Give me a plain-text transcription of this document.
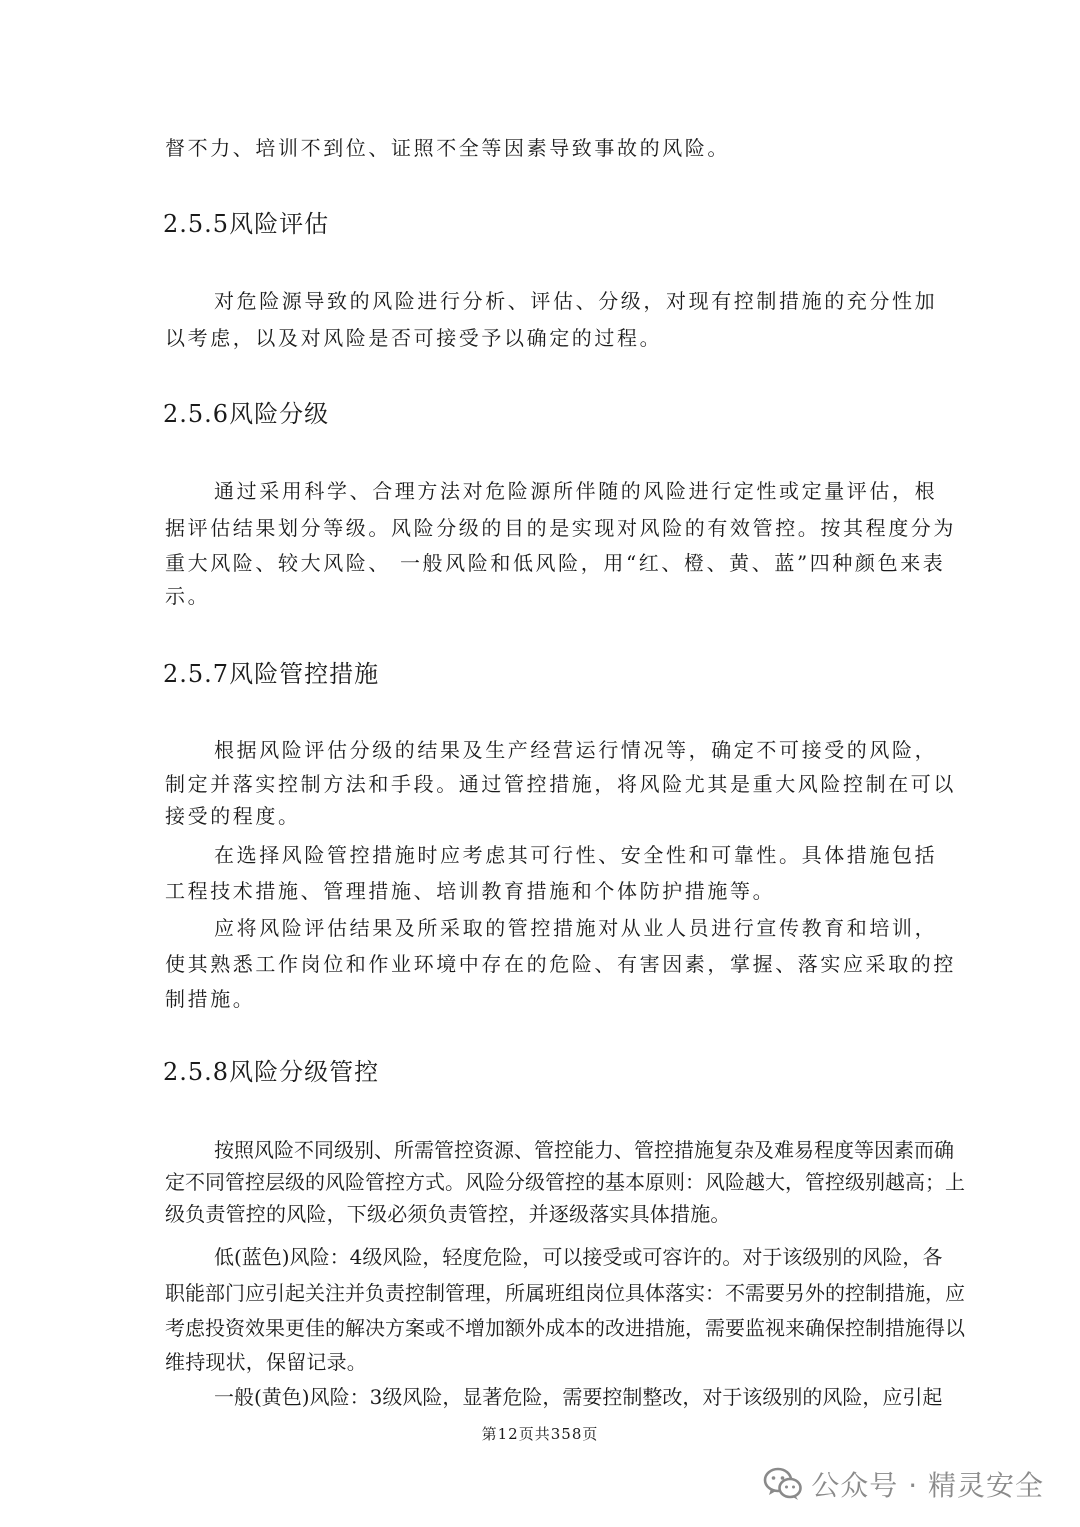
督不力、培训不到位、证照不全等因素导致事故的风险。
2.5.5风险评估
对危险源导致的风险进行分析、评估、分级，对现有控制措施的充分性加
以考虑，以及对风险是否可接受予以确定的过程。
2.5.6风险分级
通过采用科学、合理方法对危险源所伴随的风险进行定性或定量评估，根
据评估结果划分等级。风险分级的目的是实现对风险的有效管控。按其程度分为
重大风险、较大风险、 一般风险和低风险，用“红、橙、黄、蓝”四种颜色来表
示。
2.5.7风险管控措施
根据风险评估分级的结果及生产经营运行情况等，确定不可接受的风险，
制定并落实控制方法和手段。通过管控措施，将风险尤其是重大风险控制在可以
接受的程度。
在选择风险管控措施时应考虑其可行性、安全性和可靠性。具体措施包括
工程技术措施、管理措施、培训教育措施和个体防护措施等。
应将风险评估结果及所采取的管控措施对从业人员进行宣传教育和培训，
使其熟悉工作岗位和作业环境中存在的危险、有害因素，掌握、落实应采取的控
制措施。
2.5.8风险分级管控
按照风险不同级别、所需管控资源、管控能力、管控措施复杂及难易程度等因素而确
定不同管控层级的风险管控方式。风险分级管控的基本原则：风险越大，管控级别越高；上
级负责管控的风险，下级必须负责管控，并逐级落实具体措施。
低(蓝色)风险：4级风险，轻度危险，可以接受或可容许的。对于该级别的风险，各
职能部门应引起关注并负责控制管理，所属班组岗位具体落实：不需要另外的控制措施，应
考虑投资效果更佳的解决方案或不增加额外成本的改进措施，需要监视来确保控制措施得以
维持现状，保留记录。
一般(黄色)风险：3级风险，显著危险，需要控制整改，对于该级别的风险，应引起
第12页共358页
公众号 · 精灵安全
